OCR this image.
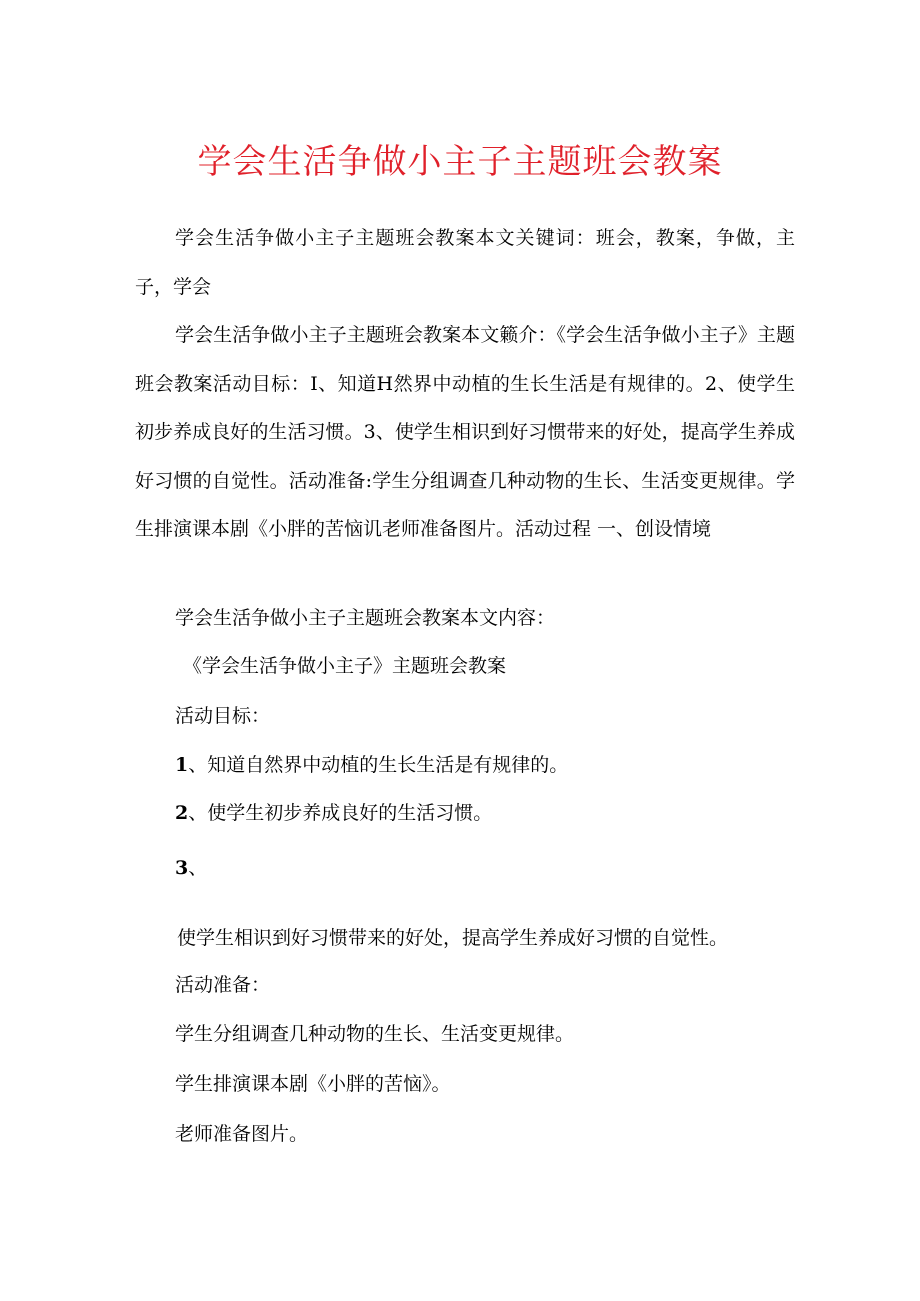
学会生活争做小主子主题班会教案
学会生活争做小主子主题班会教案本文关键词：班会，教案，争做，主子，学会
学会生活争做小主子主题班会教案本文籁介：《学会生活争做小主子》主题班会教案活动目标：I、知道H然界中动植的生长生活是有规律的。2、使学生初步养成良好的生活习惯。3、使学生相识到好习惯带来的好处，提高学生养成好习惯的自觉性。活动准备:学生分组调查几种动物的生长、生活变更规律。学生排演课本剧《小胖的苦恼讥老师准备图片。活动过程 一、创设情境
学会生活争做小主子主题班会教案本文内容：
《学会生活争做小主子》主题班会教案
活动目标：
1、知道自然界中动植的生长生活是有规律的。
2、使学生初步养成良好的生活习惯。
3、
使学生相识到好习惯带来的好处，提高学生养成好习惯的自觉性。
活动准备：
学生分组调查几种动物的生长、生活变更规律。
学生排演课本剧《小胖的苦恼》。
老师准备图片。
